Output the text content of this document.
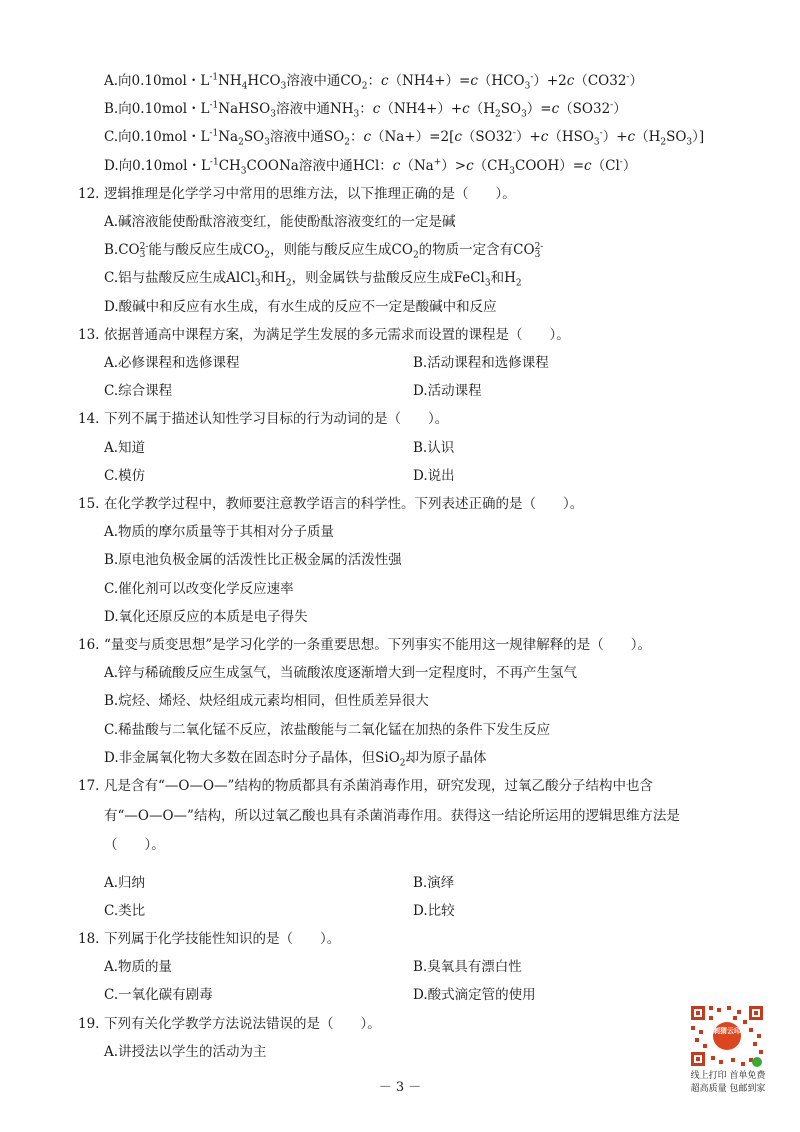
A.向0.10mol・$L^{-1}NH_4HCO_3$溶液中通$CO_2$：$c(NH4+)=c(HCO_3^-)+2c(CO32^-)$
B.向0.10mol・$L^{-1}NaHSO_3$溶液中通$NH_3$：$c(NH4+)+c(H_2SO_3)=c(SO32^-)$
C.向0.10mol・$L^{-1}Na_2SO_3$溶液中通$SO_2$：$c(Na+)=2[c(SO32^-)+c(HSO_3^-)+c(H_2SO_3)]$
D.向0.10mol・$L^{-1}CH_3COONa$溶液中通HCl：$c(Na^+)>c(CH_3COOH)=c(Cl^-)$
12. 逻辑推理是化学学习中常用的思维方法，以下推理正确的是（　　）。
A.碱溶液能使酚酞溶液变红，能使酚酞溶液变红的一定是碱
B.CO 2-
3 能与酸反应生成$CO_2$，则能与酸反应生成$CO_2$的物质一定含有CO 2-
3
C.铝与盐酸反应生成AlCl$_3$和$H_2$，则金属铁与盐酸反应生成FeCl$_3$和$H_2$
D.酸碱中和反应有水生成，有水生成的反应不一定是酸碱中和反应
13. 依据普通高中课程方案，为满足学生发展的多元需求而设置的课程是（　　）。
A.必修课程和选修课程	B.活动课程和选修课程
C.综合课程	D.活动课程
14. 下列不属于描述认知性学习目标的行为动词的是（　　）。
A.知道	B.认识
C.模仿	D.说出
15. 在化学教学过程中，教师要注意教学语言的科学性。下列表述正确的是（　　）。
A.物质的摩尔质量等于其相对分子质量
B.原电池负极金属的活泼性比正极金属的活泼性强
C.催化剂可以改变化学反应速率
D.氧化还原反应的本质是电子得失
16. “量变与质变思想”是学习化学的一条重要思想。下列事实不能用这一规律解释的是（　　）。
A.锌与稀硫酸反应生成氢气，当硫酸浓度逐渐增大到一定程度时，不再产生氢气
B.烷烃、烯烃、炔烃组成元素均相同，但性质差异很大
C.稀盐酸与二氧化锰不反应，浓盐酸能与二氧化锰在加热的条件下发生反应
D.非金属氧化物大多数在固态时分子晶体，但SiO$_2$却为原子晶体
17. 凡是含有“—O—O—”结构的物质都具有杀菌消毒作用，研究发现，过氧乙酸分子结构中也含
有“—O—O—”结构，所以过氧乙酸也具有杀菌消毒作用。获得这一结论所运用的逻辑思维方法是
（　　）。
A.归纳	B.演绎
C.类比	D.比较
18. 下列属于化学技能性知识的是（　　）。
A.物质的量	B.臭氧具有漂白性
C.一氧化碳有剧毒	D.酸式滴定管的使用
19. 下列有关化学教学方法说法错误的是（　　）。
A.讲授法以学生的活动为主
－ 3 －
刺猬云印
线上打印 首单免费
超高质量 包邮到家
